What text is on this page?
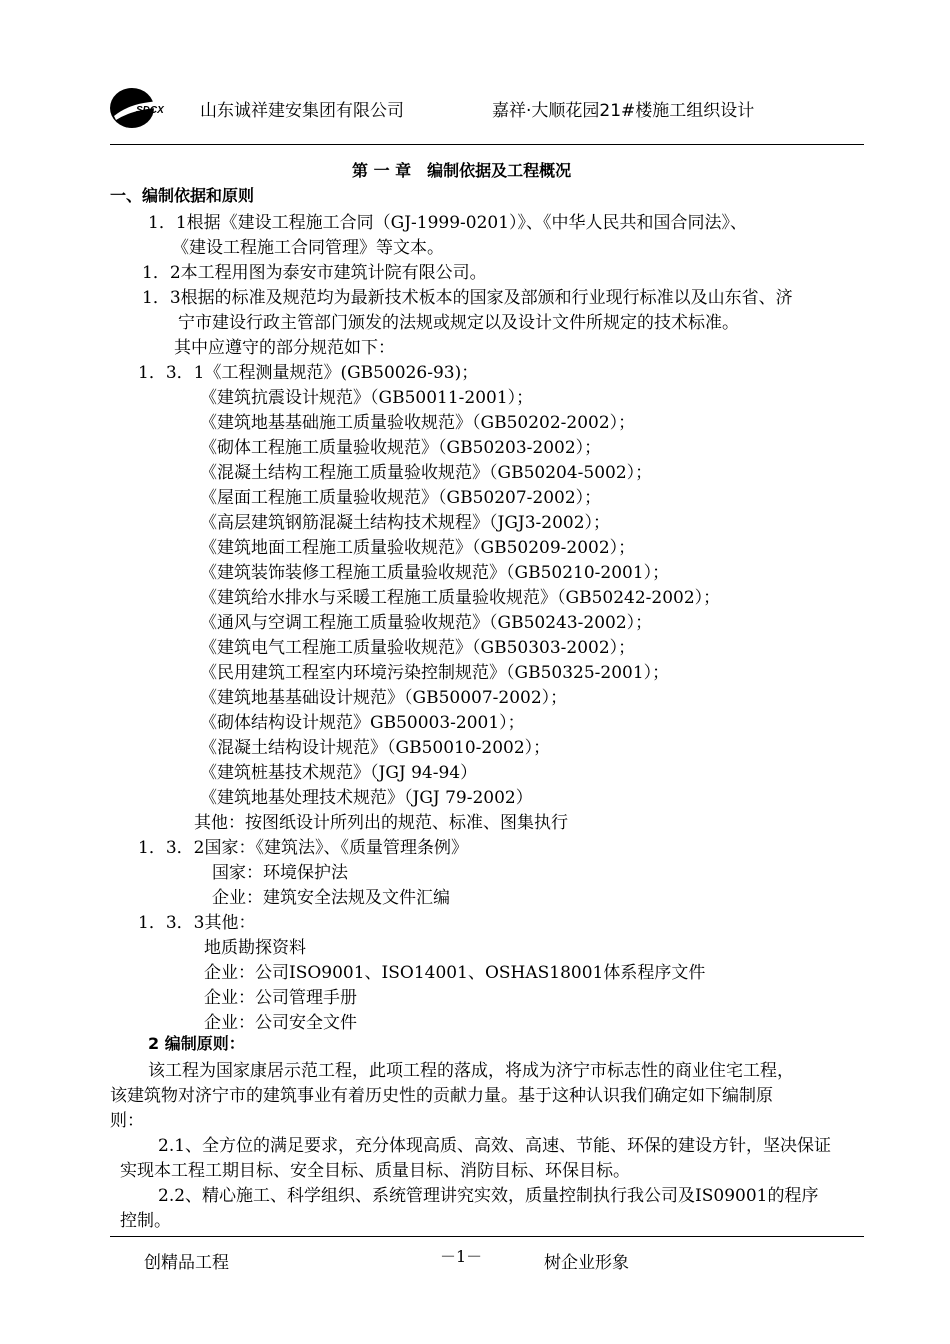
SDCX 山东诚祥建安集团有限公司	嘉祥·大顺花园21#楼施工组织设计
第 一 章　编制依据及工程概况
一、编制依据和原则
1．1根据《建设工程施工合同（GJ-1999-0201）》、《中华人民共和国合同法》、
《建设工程施工合同管理》等文本。
1．2本工程用图为泰安市建筑计院有限公司。
1．3根据的标准及规范均为最新技术板本的国家及部颁和行业现行标准以及山东省、济
宁市建设行政主管部门颁发的法规或规定以及设计文件所规定的技术标准。
其中应遵守的部分规范如下：
1．3．1《工程测量规范》(GB50026-93)；
《建筑抗震设计规范》（GB50011-2001）；
《建筑地基基础施工质量验收规范》（GB50202-2002）；
《砌体工程施工质量验收规范》（GB50203-2002）；
《混凝土结构工程施工质量验收规范》（GB50204-5002）；
《屋面工程施工质量验收规范》（GB50207-2002）；
《高层建筑钢筋混凝土结构技术规程》（JGJ3-2002）；
《建筑地面工程施工质量验收规范》（GB50209-2002）；
《建筑装饰装修工程施工质量验收规范》（GB50210-2001）；
《建筑给水排水与采暖工程施工质量验收规范》（GB50242-2002）；
《通风与空调工程施工质量验收规范》（GB50243-2002）；
《建筑电气工程施工质量验收规范》（GB50303-2002）；
《民用建筑工程室内环境污染控制规范》（GB50325-2001）；
《建筑地基基础设计规范》（GB50007-2002）；
《砌体结构设计规范》GB50003-2001）；
《混凝土结构设计规范》（GB50010-2002）；
《建筑桩基技术规范》（JGJ 94-94）
《建筑地基处理技术规范》（JGJ 79-2002）
其他：按图纸设计所列出的规范、标准、图集执行
1．3．2国家：《建筑法》、《质量管理条例》
国家：环境保护法
企业：建筑安全法规及文件汇编
1．3．3其他：
地质勘探资料
企业：公司ISO9001、ISO14001、OSHAS18001体系程序文件
企业：公司管理手册
企业：公司安全文件
2 编制原则：
该工程为国家康居示范工程，此项工程的落成，将成为济宁市标志性的商业住宅工程，
该建筑物对济宁市的建筑事业有着历史性的贡献力量。基于这种认识我们确定如下编制原
则：
2.1、全方位的满足要求，充分体现高质、高效、高速、节能、环保的建设方针，坚决保证
实现本工程工期目标、安全目标、质量目标、消防目标、环保目标。
2.2、精心施工、科学组织、系统管理讲究实效，质量控制执行我公司及IS09001的程序
控制。
创精品工程	－1－	树企业形象
